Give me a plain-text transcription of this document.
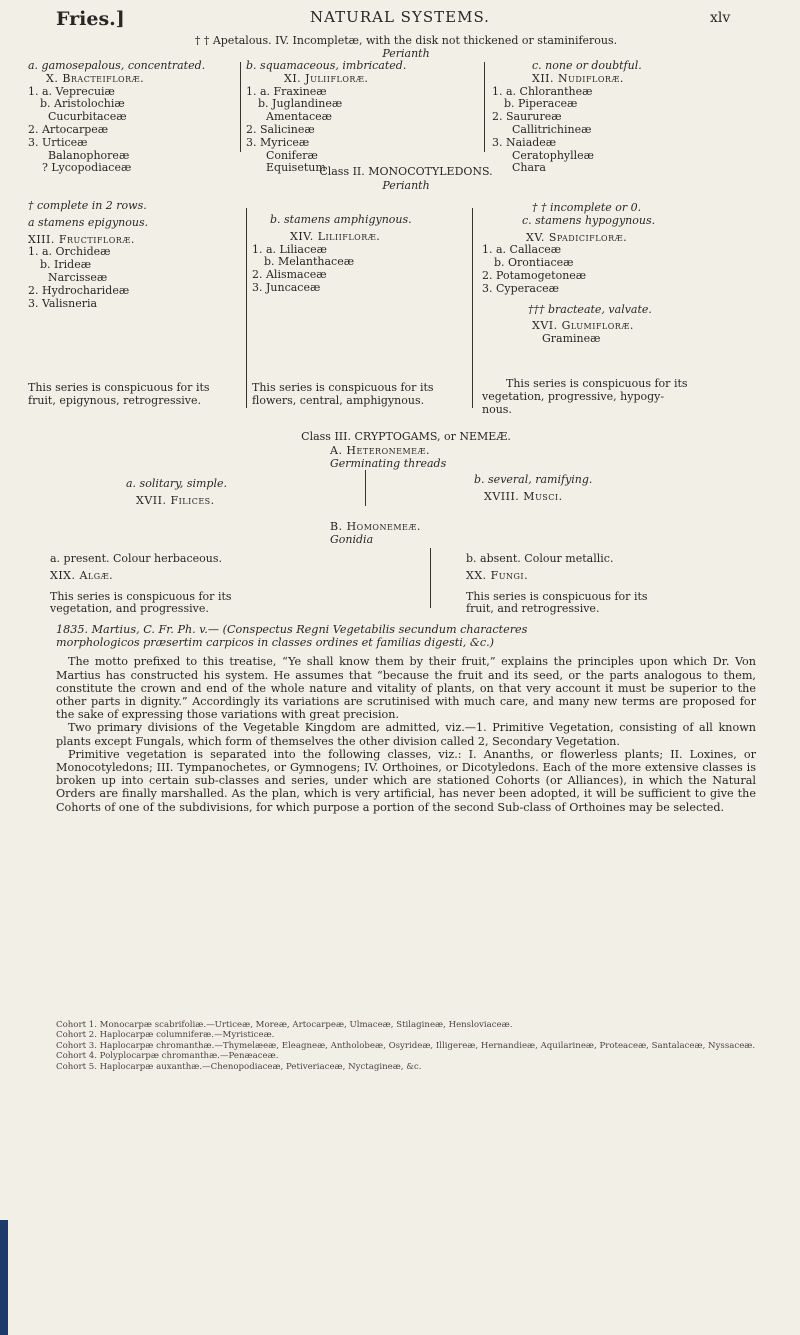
Fries.]	NATURAL SYSTEMS.	xlv
† † Apetalous. IV. Incompletæ, with the disk not thickened or staminiferous.
Perianth
a. gamosepalous, concentrated.
X. Bracteifloræ.
1. a. Veprecuiæ
b. Aristolochiæ
Cucurbitaceæ
2. Artocarpeæ
3. Urticeæ
Balanophoreæ
? Lycopodiaceæ
b. squamaceous, imbricated.
XI. Juliifloræ.
1. a. Fraxineæ
b. Juglandineæ
Amentaceæ
2. Salicineæ
3. Myriceæ
Coniferæ
Equisetum
c. none or doubtful.
XII. Nudifloræ.
1. a. Chloranthеæ
b. Piperaceæ
2. Saururеæ
Callitrichineæ
3. Naiadeæ
Ceratophylleæ
Chara
Class II. MONOCOTYLEDONS.
Perianth
† complete in 2 rows.
a stamens epigynous.
XIII. Fructifloræ.
1. a. Orchideæ
b. Irideæ
Narcisseæ
2. Hydrocharideæ
3. Valisneria
This series is conspicuous for its
fruit, epigynous, retrogressive.
b. stamens amphigynous.
XIV. Liliifloræ.
1. a. Liliaceæ
b. Melanthaceæ
2. Alismaceæ
3. Juncaceæ
This series is conspicuous for its
flowers, central, amphigynous.
† † incomplete or 0.
c. stamens hypogynous.
XV. Spadicifloræ.
1. a. Callaceæ
b. Orontiaceæ
2. Potamogetoneæ
3. Cyperaceæ
††† bracteate, valvate.
XVI. Glumifloræ.
Gramineæ
This series is conspicuous for its
vegetation, progressive, hypogy-
nous.
Class III. CRYPTOGAMS, or NEMEÆ.
A. Heteronemeæ.
Germinating threads
a. solitary, simple.
XVII. Filices.
b. several, ramifying.
XVIII. Musci.
B. Homonemeæ.
Gonidia
a. present. Colour herbaceous.
XIX. Algæ.
This series is conspicuous for its
vegetation, and progressive.
b. absent. Colour metallic.
XX. Fungi.
This series is conspicuous for its
fruit, and retrogressive.
1835. Martius, C. Fr. Ph. v.— (Conspectus Regni Vegetabilis secundum characteres
morphologicos præsertim carpicos in classes ordines et familias digesti, &c.)

The motto prefixed to this treatise, “Ye shall know them by their fruit,” explains the principles upon which Dr. Von Martius has constructed his system. He assumes that “because the fruit and its seed, or the parts analogous to them, constitute the crown and end of the whole nature and vitality of plants, on that very account it must be superior to the other parts in dignity.” Accordingly its variations are scrutinised with much care, and many new terms are proposed for the sake of expressing those variations with great precision.

Two primary divisions of the Vegetable Kingdom are admitted, viz.—1. Primitive Vegetation, consisting of all known plants except Fungals, which form of themselves the other division called 2, Secondary Vegetation.

Primitive vegetation is separated into the following classes, viz.: I. Ananths, or flowerless plants; II. Loxines, or Monocotyledons; III. Tympanochetes, or Gymnogens; IV. Orthoines, or Dicotyledons. Each of the more extensive classes is broken up into certain sub-classes and series, under which are stationed Cohorts (or Alliances), in which the Natural Orders are finally marshalled. As the plan, which is very artificial, has never been adopted, it will be sufficient to give the Cohorts of one of the subdivisions, for which purpose a portion of the second Sub-class of Orthoines may be selected.

Cohort 1. Monocarpæ scabrifoliæ.—Urticeæ, Moreæ, Artocarpeæ, Ulmaceæ, Stilagineæ, Hensloviaceæ.
Cohort 2. Haplocarpæ columniferæ.—Myristiceæ.
Cohort 3. Haplocarpæ chromanthæ.—Thymelæeæ, Eleagneæ, Antholobeæ, Osyrideæ, Illigereæ, Hernandieæ, Aquilarineæ, Proteaceæ, Santalaceæ, Nyssaceæ.
Cohort 4. Polyplocarpæ chromanthæ.—Penæaceæ.
Cohort 5. Haplocarpæ auxanthæ.—Chenopodiaceæ, Petiveriaceæ, Nyctagineæ, &c.
